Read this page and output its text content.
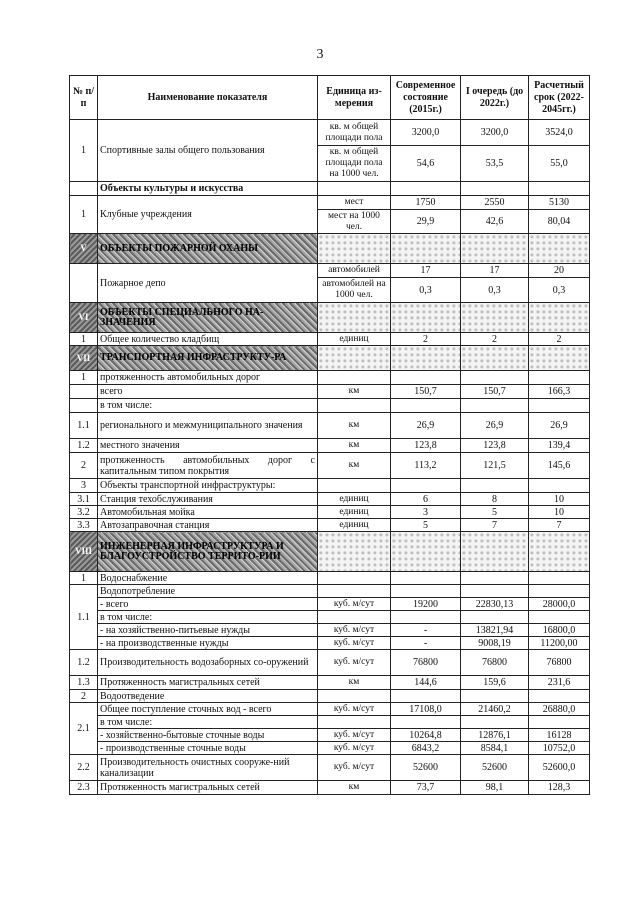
3
№ п/п	Наименование показателя	Единица из-мерения	Современное состояние (2015г.)	I очередь (до 2022г.)	Расчетный срок (2022-2045гг.)
1	Спортивные залы общего пользования	кв. м общей площади пола	3200,0	3200,0	3524,0
		кв. м общей площади пола на 1000 чел.	54,6	53,5	55,0
	Объекты культуры и искусства				
1	Клубные учреждения	мест	1750	2550	5130
		мест на 1000 чел.	29,9	42,6	80,04
V	ОБЪЕКТЫ ПОЖАРНОЙ ОХАНЫ				
	Пожарное депо	автомобилей	17	17	20
		автомобилей на 1000 чел.	0,3	0,3	0,3
VI	ОБЪЕКТЫ СПЕЦИАЛЬНОГО НА-ЗНАЧЕНИЯ				
1	Общее количество кладбищ	единиц	2	2	2
VII	ТРАНСПОРТНАЯ ИНФРАСТРУКТУ-РА				
1	протяженность автомобильных дорог				
	всего	км	150,7	150,7	166,3
	в том числе:				
1.1	регионального и межмуниципального значения	км	26,9	26,9	26,9
1.2	местного значения	км	123,8	123,8	139,4
2	протяженность автомобильных дорог с капитальным типом покрытия	км	113,2	121,5	145,6
3	Объекты транспортной инфраструктуры:				
3.1	Станция техобслуживания	единиц	6	8	10
3.2	Автомобильная мойка	единиц	3	5	10
3.3	Автозаправочная станция	единиц	5	7	7
VIII	ИНЖЕНЕРНАЯ ИНФРАСТРУКТУРА И БЛАГОУСТРОЙСТВО ТЕРРИТО-РИИ				
1	Водоснабжение				
1.1	Водопотребление				
	- всего	куб. м/сут	19200	22830,13	28000,0
	в том числе:				
	- на хозяйственно-питьевые нужды	куб. м/сут	-	13821,94	16800,0
	- на производственные нужды	куб. м/сут	-	9008,19	11200,00
1.2	Производительность водозаборных со-оружений	куб. м/сут	76800	76800	76800
1.3	Протяженность магистральных сетей	км	144,6	159,6	231,6
2	Водоотведение				
2.1	Общее поступление сточных вод - всего	куб. м/сут	17108,0	21460,2	26880,0
	в том числе:				
	- хозяйственно-бытовые сточные воды	куб. м/сут	10264,8	12876,1	16128
	- производственные сточные воды	куб. м/сут	6843,2	8584,1	10752,0
2.2	Производительность очистных сооруже-ний канализации	куб. м/сут	52600	52600	52600,0
2.3	Протяженность магистральных сетей	км	73,7	98,1	128,3
